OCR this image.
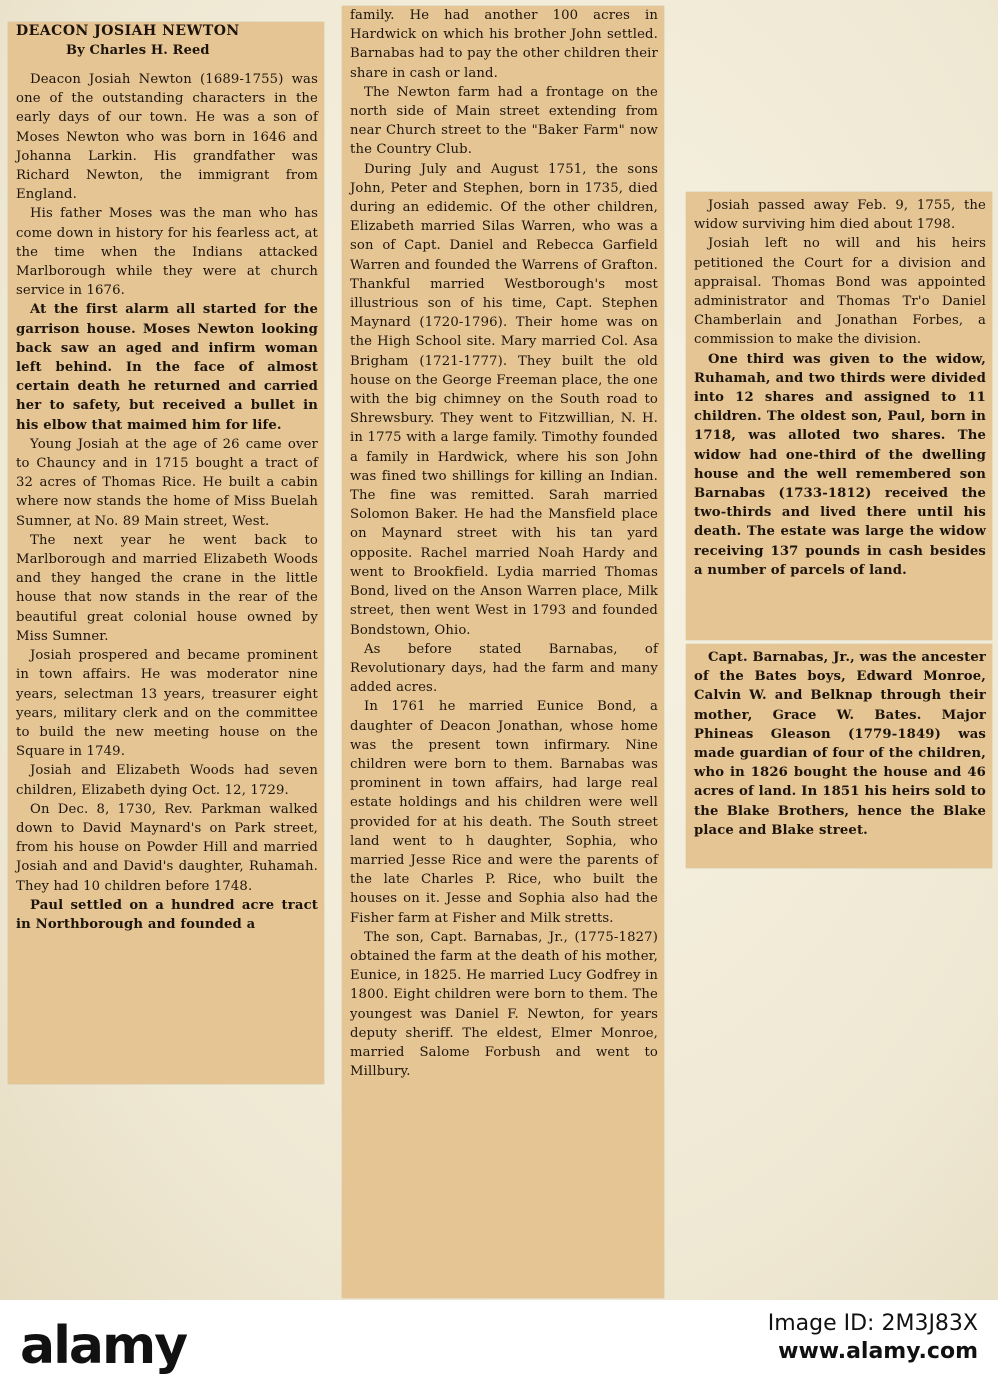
DEACON JOSIAH NEWTON
By Charles H. Reed

Deacon Josiah Newton (1689-1755) was one of the outstanding characters in the early days of our town. He was a son of Moses Newton who was born in 1646 and Johanna Larkin. His grandfather was Richard Newton, the immigrant from England.

His father Moses was the man who has come down in history for his fearless act, at the time when the Indians attacked Marlborough while they were at church service in 1676.

At the first alarm all started for the garrison house. Moses Newton looking back saw an aged and infirm woman left behind. In the face of almost certain death he returned and carried her to safety, but received a bullet in his elbow that maimed him for life.

Young Josiah at the age of 26 came over to Chauncy and in 1715 bought a tract of 32 acres of Thomas Rice. He built a cabin where now stands the home of Miss Buelah Sumner, at No. 89 Main street, West.

The next year he went back to Marlborough and married Elizabeth Woods and they hanged the crane in the little house that now stands in the rear of the beautiful great colonial house owned by Miss Sumner.

Josiah prospered and became prominent in town affairs. He was moderator nine years, selectman 13 years, treasurer eight years, military clerk and on the committee to build the new meeting house on the Square in 1749.

Josiah and Elizabeth Woods had seven children, Elizabeth dying Oct. 12, 1729.

On Dec. 8, 1730, Rev. Parkman walked down to David Maynard's on Park street, from his house on Powder Hill and married Josiah and and David's daughter, Ruhamah. They had 10 children before 1748.

Paul settled on a hundred acre tract in Northborough and founded a

family. He had another 100 acres in Hardwick on which his brother John settled. Barnabas had to pay the other children their share in cash or land.

The Newton farm had a frontage on the north side of Main street extending from near Church street to the "Baker Farm" now the Country Club.

During July and August 1751, the sons John, Peter and Stephen, born in 1735, died during an edidemic. Of the other children, Elizabeth married Silas Warren, who was a son of Capt. Daniel and Rebecca Garfield Warren and founded the Warrens of Grafton. Thankful married Westborough's most illustrious son of his time, Capt. Stephen Maynard (1720-1796). Their home was on the High School site. Mary married Col. Asa Brigham (1721-1777). They built the old house on the George Freeman place, the one with the big chimney on the South road to Shrewsbury. They went to Fitzwillian, N. H. in 1775 with a large family. Timothy founded a family in Hardwick, where his son John was fined two shillings for killing an Indian. The fine was remitted. Sarah married Solomon Baker. He had the Mansfield place on Maynard street with his tan yard opposite. Rachel married Noah Hardy and went to Brookfield. Lydia married Thomas Bond, lived on the Anson Warren place, Milk street, then went West in 1793 and founded Bondstown, Ohio.

As before stated Barnabas, of Revolutionary days, had the farm and many added acres.

In 1761 he married Eunice Bond, a daughter of Deacon Jonathan, whose home was the present town infirmary. Nine children were born to them. Barnabas was prominent in town affairs, had large real estate holdings and his children were well provided for at his death. The South street land went to h daughter, Sophia, who married Jesse Rice and were the parents of the late Charles P. Rice, who built the houses on it. Jesse and Sophia also had the Fisher farm at Fisher and Milk stretts.

The son, Capt. Barnabas, Jr., (1775-1827) obtained the farm at the death of his mother, Eunice, in 1825. He married Lucy Godfrey in 1800. Eight children were born to them. The youngest was Daniel F. Newton, for years deputy sheriff. The eldest, Elmer Monroe, married Salome Forbush and went to Millbury.

Josiah passed away Feb. 9, 1755, the widow surviving him died about 1798.

Josiah left no will and his heirs petitioned the Court for a division and appraisal. Thomas Bond was appointed administrator and Thomas Tr'o Daniel Chamberlain and Jonathan Forbes, a commission to make the division.

One third was given to the widow, Ruhamah, and two thirds were divided into 12 shares and assigned to 11 children. The oldest son, Paul, born in 1718, was alloted two shares. The widow had one-third of the dwelling house and the well remembered son Barnabas (1733-1812) received the two-thirds and lived there until his death. The estate was large the widow receiving 137 pounds in cash besides a number of parcels of land.

Capt. Barnabas, Jr., was the ancester of the Bates boys, Edward Monroe, Calvin W. and Belknap through their mother, Grace W. Bates. Major Phineas Gleason (1779-1849) was made guardian of four of the children, who in 1826 bought the house and 46 acres of land. In 1851 his heirs sold to the Blake Brothers, hence the Blake place and Blake street.

alamy	Image ID: 2M3J83X
www.alamy.com
